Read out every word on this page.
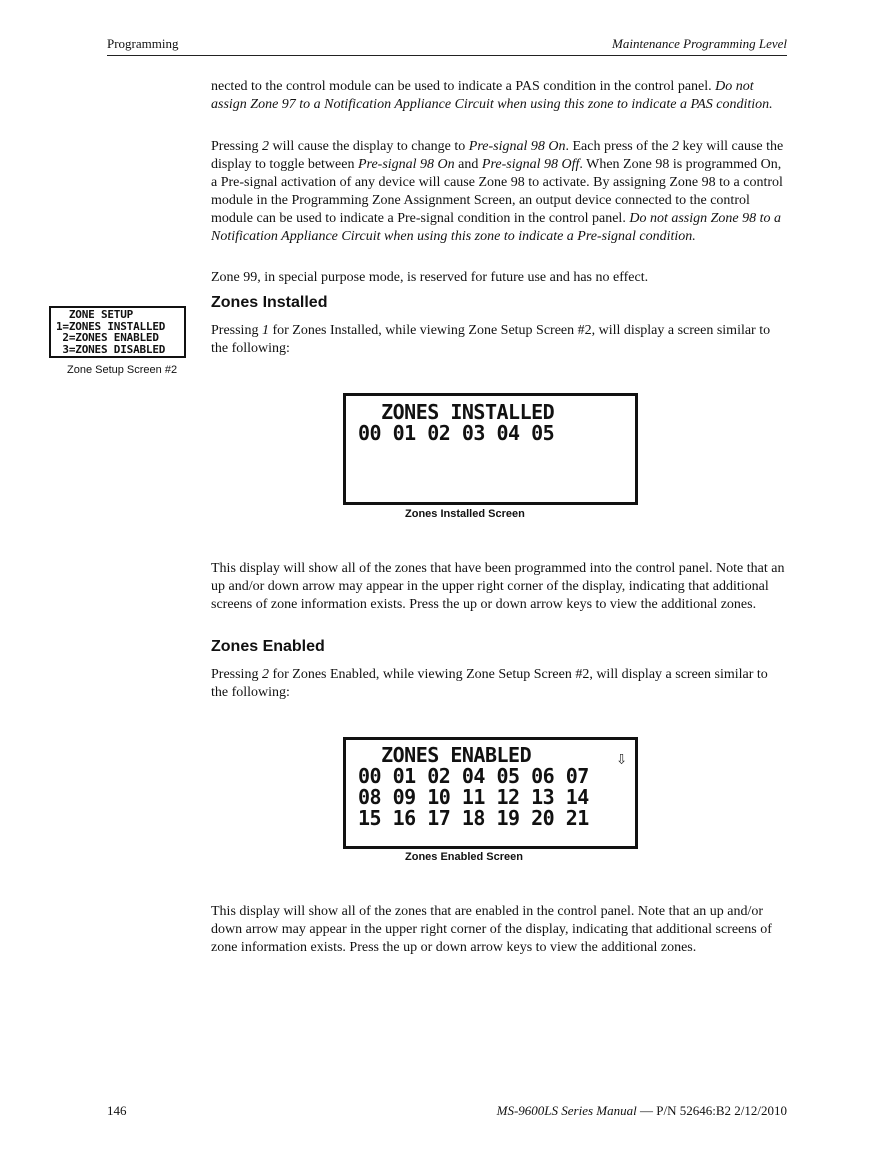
Programming	Maintenance Programming Level
nected to the control module can be used to indicate a PAS condition in the control panel. Do not assign Zone 97 to a Notification Appliance Circuit when using this zone to indicate a PAS condition.
Pressing 2 will cause the display to change to Pre-signal 98 On. Each press of the 2 key will cause the display to toggle between Pre-signal 98 On and Pre-signal 98 Off. When Zone 98 is programmed On, a Pre-signal activation of any device will cause Zone 98 to activate. By assigning Zone 98 to a control module in the Programming Zone Assignment Screen, an output device connected to the control module can be used to indicate a Pre-signal condition in the control panel. Do not assign Zone 98 to a Notification Appliance Circuit when using this zone to indicate a Pre-signal condition.
Zone 99, in special purpose mode, is reserved for future use and has no effect.
ZONE SETUP
1=ZONES INSTALLED
2=ZONES ENABLED
3=ZONES DISABLED
Zone Setup Screen #2
Zones Installed
Pressing 1 for Zones Installed, while viewing Zone Setup Screen #2, will display a screen similar to the following:
ZONES INSTALLED
00 01 02 03 04 05
Zones Installed Screen
This display will show all of the zones that have been programmed into the control panel. Note that an up and/or down arrow may appear in the upper right corner of the display, indicating that additional screens of zone information exists. Press the up or down arrow keys to view the additional zones.
Zones Enabled
Pressing 2 for Zones Enabled, while viewing Zone Setup Screen #2, will display a screen similar to the following:
⇩
ZONES ENABLED
00 01 02 04 05 06 07
08 09 10 11 12 13 14
15 16 17 18 19 20 21
Zones Enabled Screen
This display will show all of the zones that are enabled in the control panel. Note that an up and/or down arrow may appear in the upper right corner of the display, indicating that additional screens of zone information exists. Press the up or down arrow keys to view the additional zones.
146	MS-9600LS Series Manual — P/N 52646:B2 2/12/2010
